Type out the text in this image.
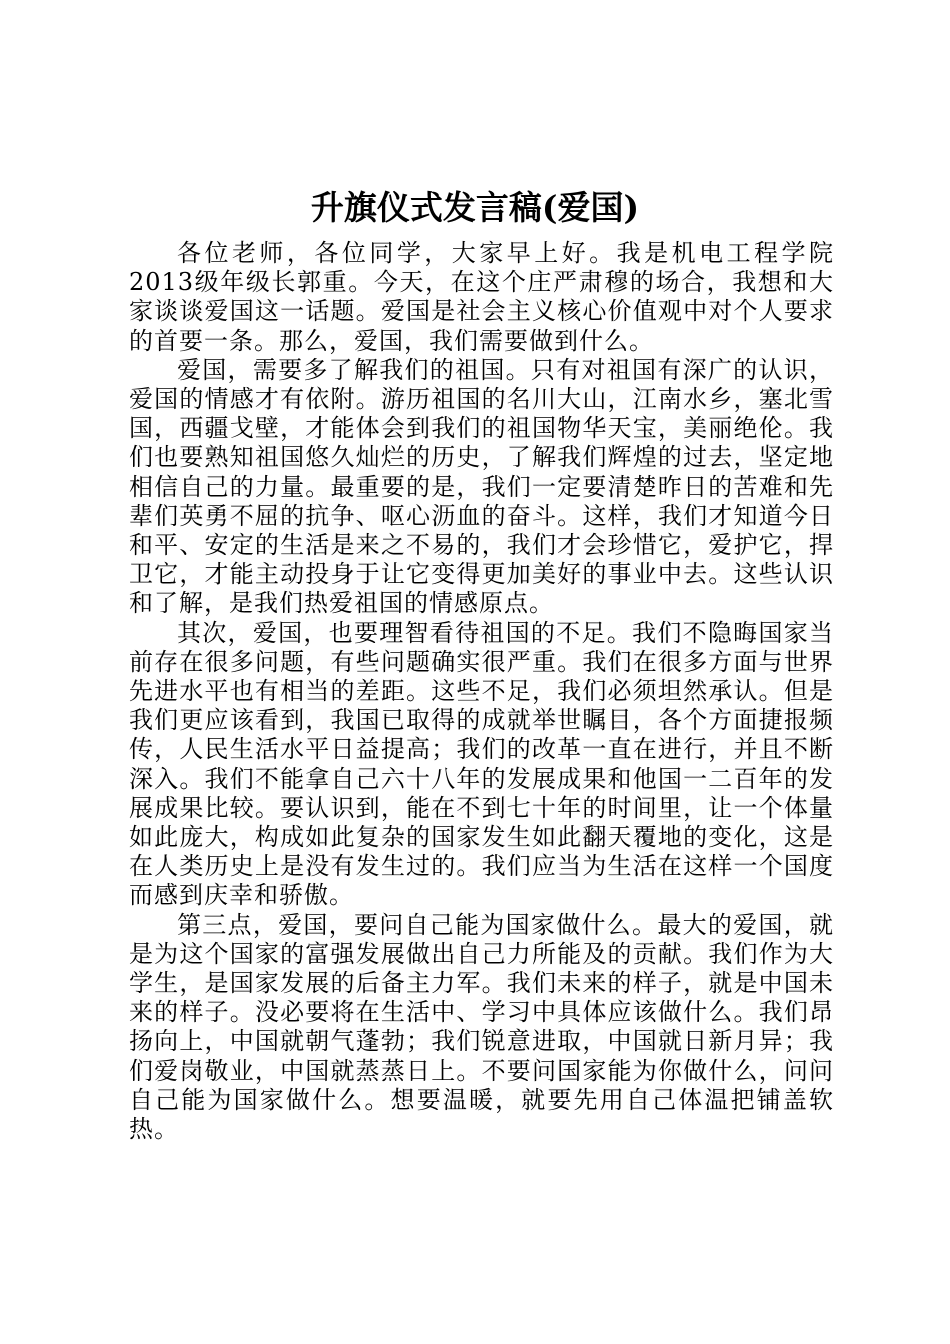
升旗仪式发言稿(爱国)

各位老师，各位同学，大家早上好。我是机电工程学院2013级年级长郭重。今天，在这个庄严肃穆的场合，我想和大家谈谈爱国这一话题。爱国是社会主义核心价值观中对个人要求的首要一条。那么，爱国，我们需要做到什么。

爱国，需要多了解我们的祖国。只有对祖国有深广的认识，爱国的情感才有依附。游历祖国的名川大山，江南水乡，塞北雪国，西疆戈壁，才能体会到我们的祖国物华天宝，美丽绝伦。我们也要熟知祖国悠久灿烂的历史，了解我们辉煌的过去，坚定地相信自己的力量。最重要的是，我们一定要清楚昨日的苦难和先辈们英勇不屈的抗争、呕心沥血的奋斗。这样，我们才知道今日和平、安定的生活是来之不易的，我们才会珍惜它，爱护它，捍卫它，才能主动投身于让它变得更加美好的事业中去。这些认识和了解，是我们热爱祖国的情感原点。

其次，爱国，也要理智看待祖国的不足。我们不隐晦国家当前存在很多问题，有些问题确实很严重。我们在很多方面与世界先进水平也有相当的差距。这些不足，我们必须坦然承认。但是我们更应该看到，我国已取得的成就举世瞩目，各个方面捷报频传，人民生活水平日益提高；我们的改革一直在进行，并且不断深入。我们不能拿自己六十八年的发展成果和他国一二百年的发展成果比较。要认识到，能在不到七十年的时间里，让一个体量如此庞大，构成如此复杂的国家发生如此翻天覆地的变化，这是在人类历史上是没有发生过的。我们应当为生活在这样一个国度而感到庆幸和骄傲。

第三点，爱国，要问自己能为国家做什么。最大的爱国，就是为这个国家的富强发展做出自己力所能及的贡献。我们作为大学生，是国家发展的后备主力军。我们未来的样子，就是中国未来的样子。没必要将在生活中、学习中具体应该做什么。我们昂扬向上，中国就朝气蓬勃；我们锐意进取，中国就日新月异；我们爱岗敬业，中国就蒸蒸日上。不要问国家能为你做什么，问问自己能为国家做什么。想要温暖，就要先用自己体温把铺盖软热。
